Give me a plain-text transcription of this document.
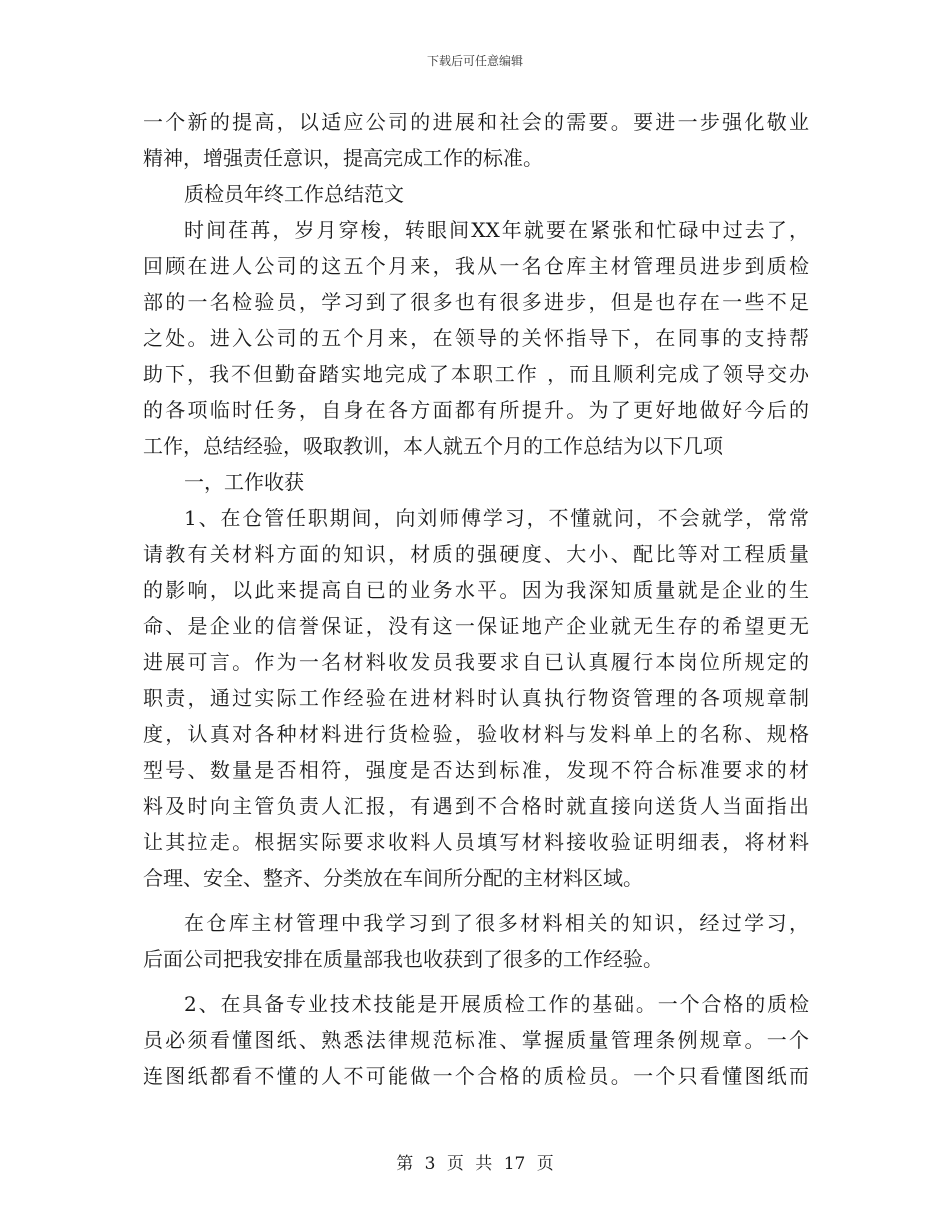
下载后可任意编辑
一个新的提高，以适应公司的进展和社会的需要。要进一步强化敬业
精神，增强责任意识，提高完成工作的标准。
质检员年终工作总结范文
时间荏苒，岁月穿梭，转眼间XX年就要在紧张和忙碌中过去了，
回顾在进人公司的这五个月来，我从一名仓库主材管理员进步到质检
部的一名检验员，学习到了很多也有很多进步，但是也存在一些不足
之处。进入公司的五个月来，在领导的关怀指导下，在同事的支持帮
助下，我不但勤奋踏实地完成了本职工作 ，而且顺利完成了领导交办
的各项临时任务，自身在各方面都有所提升。为了更好地做好今后的
工作，总结经验，吸取教训，本人就五个月的工作总结为以下几项
一，工作收获
1、在仓管任职期间，向刘师傅学习，不懂就问，不会就学，常常
请教有关材料方面的知识，材质的强硬度、大小、配比等对工程质量
的影响，以此来提高自已的业务水平。因为我深知质量就是企业的生
命、是企业的信誉保证，没有这一保证地产企业就无生存的希望更无
进展可言。作为一名材料收发员我要求自已认真履行本岗位所规定的
职责，通过实际工作经验在进材料时认真执行物资管理的各项规章制
度，认真对各种材料进行货检验，验收材料与发料单上的名称、规格
型号、数量是否相符，强度是否达到标准，发现不符合标准要求的材
料及时向主管负责人汇报，有遇到不合格时就直接向送货人当面指出
让其拉走。根据实际要求收料人员填写材料接收验证明细表，将材料
合理、安全、整齐、分类放在车间所分配的主材料区域。
在仓库主材管理中我学习到了很多材料相关的知识，经过学习，
后面公司把我安排在质量部我也收获到了很多的工作经验。
2、在具备专业技术技能是开展质检工作的基础。一个合格的质检
员必须看懂图纸、熟悉法律规范标准、掌握质量管理条例规章。一个
连图纸都看不懂的人不可能做一个合格的质检员。一个只看懂图纸而
第 3 页 共 17 页
